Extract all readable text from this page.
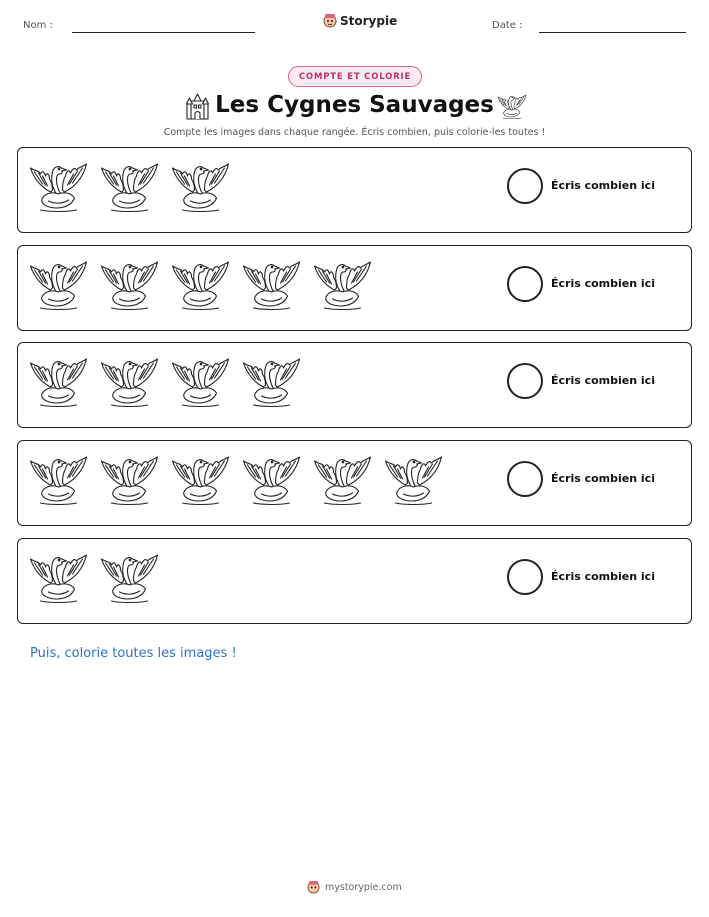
Nom :	Storypie	Date :
COMPTE ET COLORIE
Les Cygnes Sauvages
Compte les images dans chaque rangée. Écris combien, puis colorie-les toutes !
Écris combien ici
Écris combien ici
Écris combien ici
Écris combien ici
Écris combien ici
Puis, colorie toutes les images !
mystorypie.com
